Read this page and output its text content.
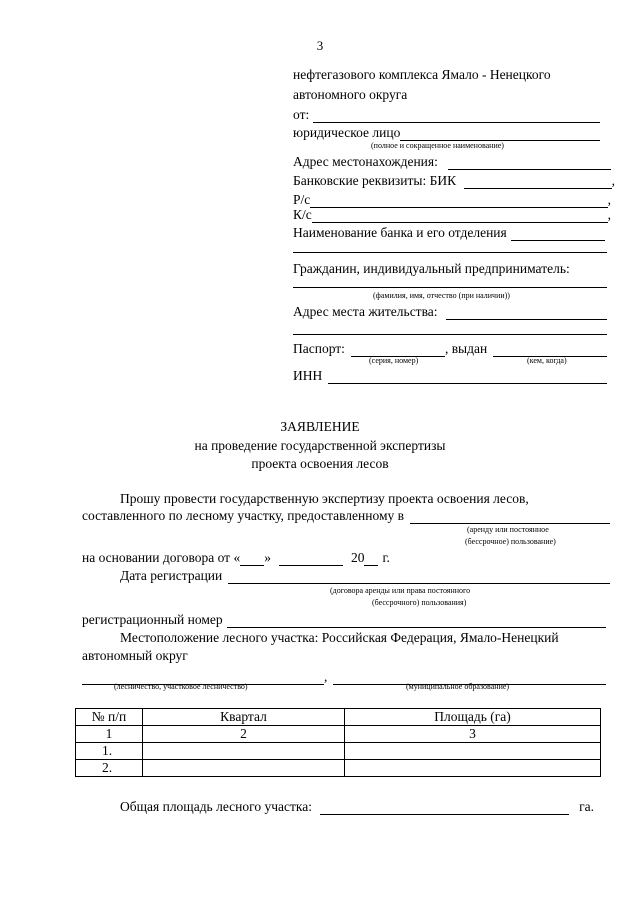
3
нефтегазового комплекса Ямало - Ненецкого
автономного округа
от:
юридическое лицо
(полное и сокращенное наименование)
Адрес местонахождения:
Банковские реквизиты: БИК	,
Р/с	,
К/с	,
Наименование банка и его отделения
Гражданин, индивидуальный предприниматель:
(фамилия, имя, отчество (при наличии))
Адрес места жительства:
Паспорт:	, выдан
(серия, номер)	(кем, когда)
ИНН
ЗАЯВЛЕНИЕ
на проведение государственной экспертизы
проекта освоения лесов
Прошу провести государственную экспертизу проекта освоения лесов,
составленного по лесному участку, предоставленному в
(аренду или постоянное
(бессрочное) пользование)
на основании договора от « »	20 г.
Дата регистрации
(договора аренды или права постоянного
(бессрочного) пользования)
регистрационный номер
Местоположение лесного участка: Российская Федерация, Ямало-Ненецкий
автономный округ
,
(лесничество, участковое лесничество)	(муниципальное образование)
Общая площадь лесного участка:	га.
№ п/п	Квартал	Площадь (га)
1	2	3
1.		
2.		
